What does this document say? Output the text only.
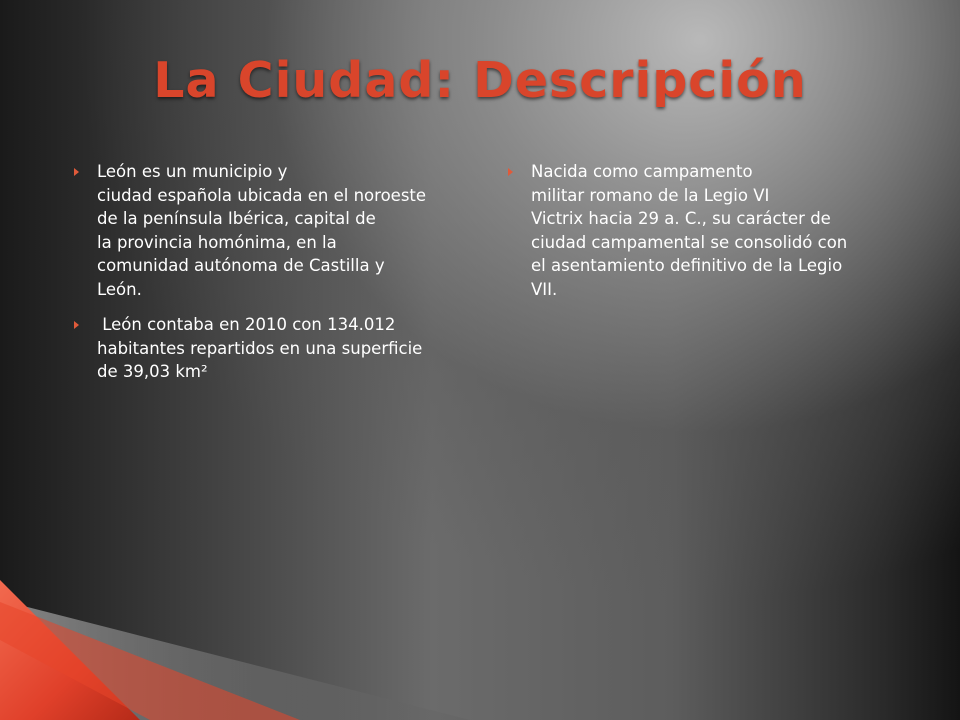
La Ciudad: Descripción
León es un municipio y
ciudad española ubicada en el noroeste
de la península Ibérica, capital de
la provincia homónima, en la
comunidad autónoma de Castilla y
León.
León contaba en 2010 con 134.012
habitantes repartidos en una superficie
de 39,03 km²
Nacida como campamento
militar romano de la Legio VI
Victrix hacia 29 a. C., su carácter de
ciudad campamental se consolidó con
el asentamiento definitivo de la Legio
VII.
